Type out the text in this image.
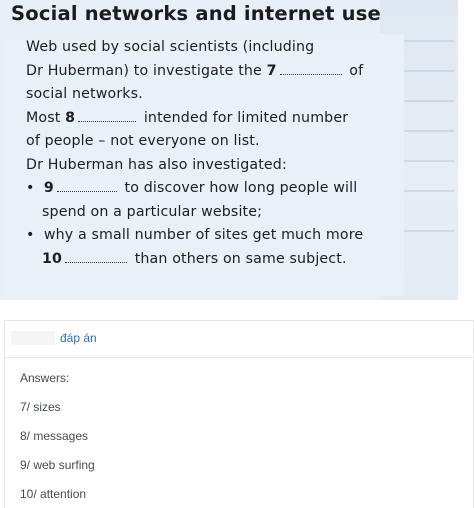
Social networks and internet use
Web used by social scientists (including
Dr Huberman) to investigate the 7	of
social networks.
Most 8	intended for limited number
of people – not everyone on list.
Dr Huberman has also investigated:
• 9	to discover how long people will
spend on a particular website;
• why a small number of sites get much more
10	than others on same subject.
đáp án
Answers:
7/ sizes
8/ messages
9/ web surfing
10/ attention
